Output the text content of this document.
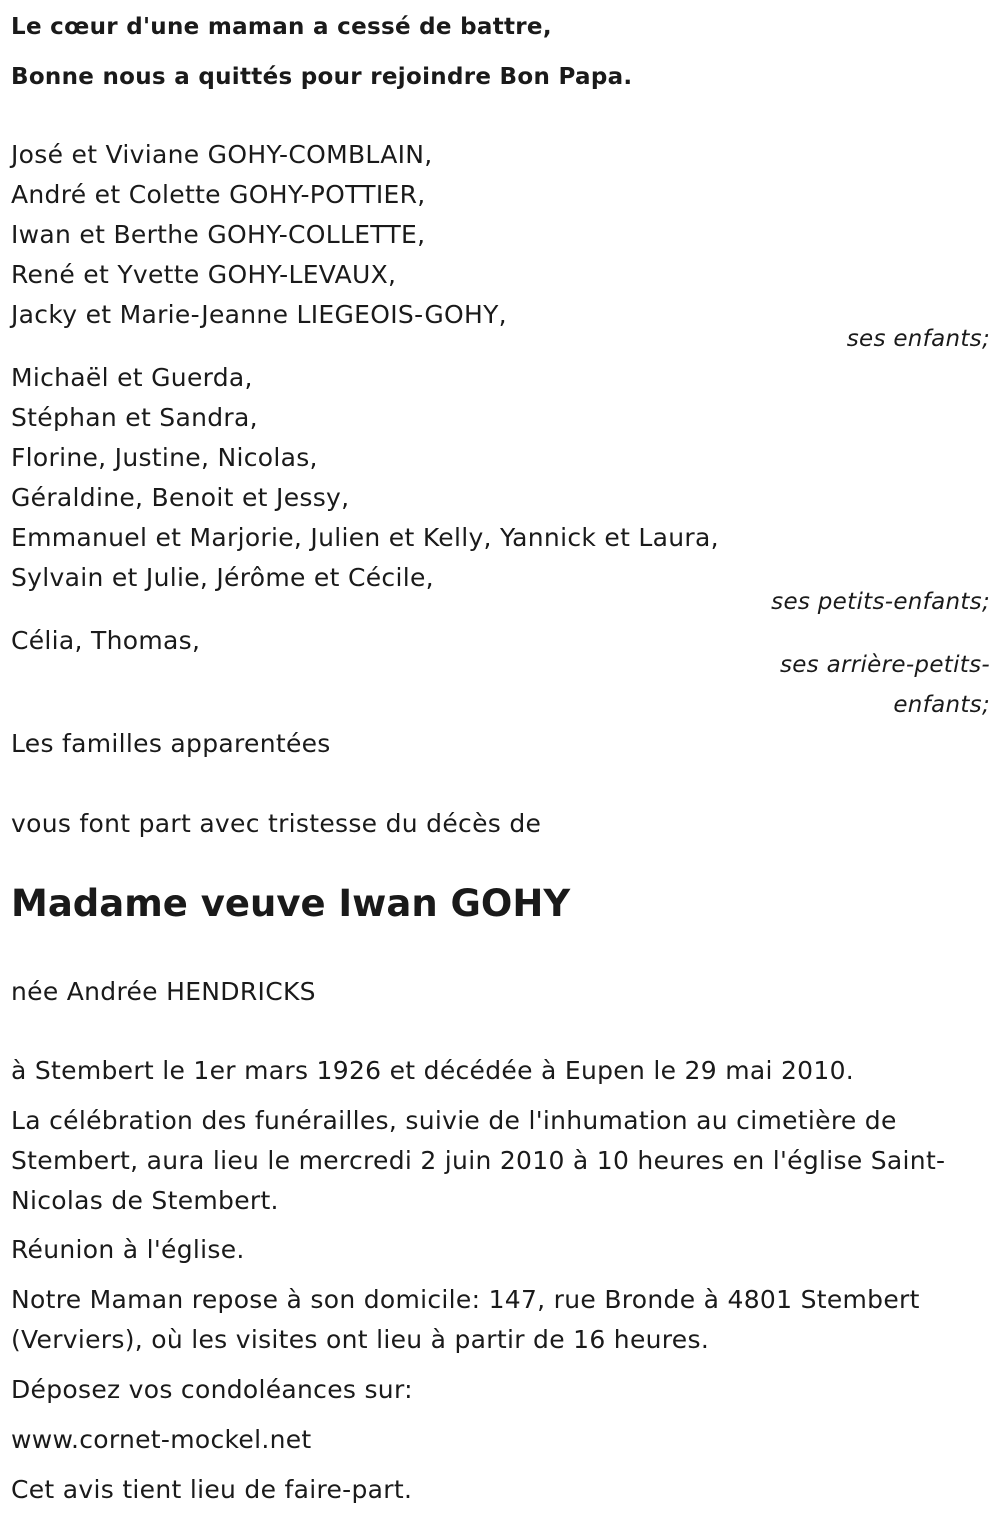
Le cœur d'une maman a cessé de battre,
Bonne nous a quittés pour rejoindre Bon Papa.
José et Viviane GOHY-COMBLAIN,
André et Colette GOHY-POTTIER,
Iwan et Berthe GOHY-COLLETTE,
René et Yvette GOHY-LEVAUX,
Jacky et Marie-Jeanne LIEGEOIS-GOHY,
ses enfants;
Michaël et Guerda,
Stéphan et Sandra,
Florine, Justine, Nicolas,
Géraldine, Benoit et Jessy,
Emmanuel et Marjorie, Julien et Kelly, Yannick et Laura,
Sylvain et Julie, Jérôme et Cécile,
ses petits-enfants;
Célia, Thomas,
ses arrière-petits-
enfants;
Les familles apparentées
vous font part avec tristesse du décès de
Madame veuve Iwan GOHY
née Andrée HENDRICKS
à Stembert le 1er mars 1926 et décédée à Eupen le 29 mai 2010.
La célébration des funérailles, suivie de l'inhumation au cimetière de
Stembert, aura lieu le mercredi 2 juin 2010 à 10 heures en l'église Saint-
Nicolas de Stembert.
Réunion à l'église.
Notre Maman repose à son domicile: 147, rue Bronde à 4801 Stembert
(Verviers), où les visites ont lieu à partir de 16 heures.
Déposez vos condoléances sur:
www.cornet-mockel.net
Cet avis tient lieu de faire-part.
